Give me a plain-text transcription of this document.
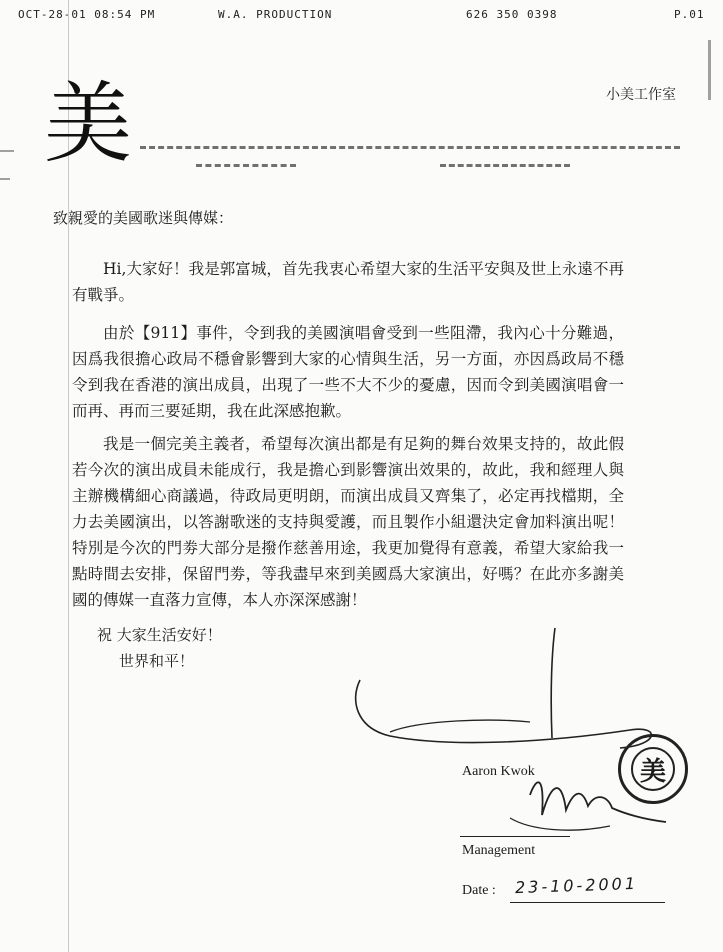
OCT-28-01 08:54 PM	W.A. PRODUCTION	626 350 0398	P.01
美	小美工作室
致親愛的美國歌迷與傳媒：
Hi,大家好！我是郭富城，首先我衷心希望大家的生活平安與及世上永遠不再有戰爭。
由於【911】事件，令到我的美國演唱會受到一些阻滯，我內心十分難過，因爲我很擔心政局不穩會影響到大家的心情與生活，另一方面，亦因爲政局不穩令到我在香港的演出成員，出現了一些不大不少的憂慮，因而令到美國演唱會一而再、再而三要延期，我在此深感抱歉。
我是一個完美主義者，希望每次演出都是有足夠的舞台效果支持的，故此假若今次的演出成員未能成行，我是擔心到影響演出效果的，故此，我和經理人與主辦機構細心商議過，待政局更明朗，而演出成員又齊集了，必定再找檔期，全力去美國演出，以答謝歌迷的支持與愛護，而且製作小組還決定會加料演出呢！特別是今次的門劵大部分是撥作慈善用途，我更加覺得有意義，希望大家給我一點時間去安排，保留門劵，等我盡早來到美國爲大家演出，好嗎？在此亦多謝美國的傳媒一直落力宣傳，本人亦深深感謝！
祝 大家生活安好！
世界和平！
美
Aaron Kwok
Management
Date : 23-10-2001
